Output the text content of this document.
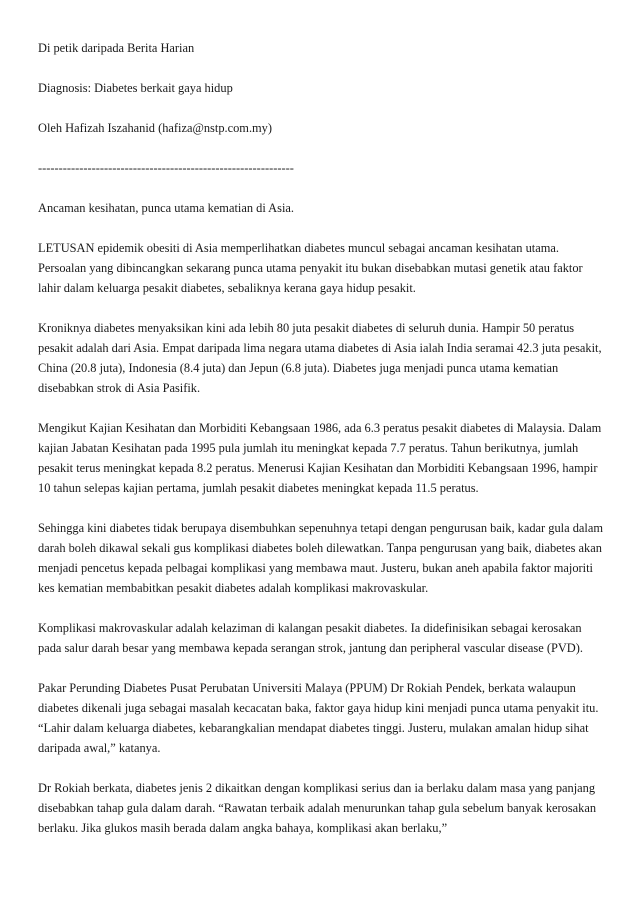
Di petik daripada Berita Harian

Diagnosis: Diabetes berkait gaya hidup

Oleh Hafizah Iszahanid (hafiza@nstp.com.my)

--------------------------------------------------------------

Ancaman kesihatan, punca utama kematian di Asia.

LETUSAN epidemik obesiti di Asia memperlihatkan diabetes muncul sebagai ancaman kesihatan utama. Persoalan yang dibincangkan sekarang punca utama penyakit itu bukan disebabkan mutasi genetik atau faktor lahir dalam keluarga pesakit diabetes, sebaliknya kerana gaya hidup pesakit.

Kroniknya diabetes menyaksikan kini ada lebih 80 juta pesakit diabetes di seluruh dunia. Hampir 50 peratus pesakit adalah dari Asia. Empat daripada lima negara utama diabetes di Asia ialah India seramai 42.3 juta pesakit, China (20.8 juta), Indonesia (8.4 juta) dan Jepun (6.8 juta). Diabetes juga menjadi punca utama kematian disebabkan strok di Asia Pasifik.

Mengikut Kajian Kesihatan dan Morbiditi Kebangsaan 1986, ada 6.3 peratus pesakit diabetes di Malaysia. Dalam kajian Jabatan Kesihatan pada 1995 pula jumlah itu meningkat kepada 7.7 peratus. Tahun berikutnya, jumlah pesakit terus meningkat kepada 8.2 peratus. Menerusi Kajian Kesihatan dan Morbiditi Kebangsaan 1996, hampir 10 tahun selepas kajian pertama, jumlah pesakit diabetes meningkat kepada 11.5 peratus.

Sehingga kini diabetes tidak berupaya disembuhkan sepenuhnya tetapi dengan pengurusan baik, kadar gula dalam darah boleh dikawal sekali gus komplikasi diabetes boleh dilewatkan. Tanpa pengurusan yang baik, diabetes akan menjadi pencetus kepada pelbagai komplikasi yang membawa maut. Justeru, bukan aneh apabila faktor majoriti kes kematian membabitkan pesakit diabetes adalah komplikasi makrovaskular.

Komplikasi makrovaskular adalah kelaziman di kalangan pesakit diabetes. Ia didefinisikan sebagai kerosakan pada salur darah besar yang membawa kepada serangan strok, jantung dan peripheral vascular disease (PVD).

Pakar Perunding Diabetes Pusat Perubatan Universiti Malaya (PPUM) Dr Rokiah Pendek, berkata walaupun diabetes dikenali juga sebagai masalah kecacatan baka, faktor gaya hidup kini menjadi punca utama penyakit itu. “Lahir dalam keluarga diabetes, kebarangkalian mendapat diabetes tinggi. Justeru, mulakan amalan hidup sihat daripada awal,” katanya.

Dr Rokiah berkata, diabetes jenis 2 dikaitkan dengan komplikasi serius dan ia berlaku dalam masa yang panjang disebabkan tahap gula dalam darah. “Rawatan terbaik adalah menurunkan tahap gula sebelum banyak kerosakan berlaku. Jika glukos masih berada dalam angka bahaya, komplikasi akan berlaku,”
